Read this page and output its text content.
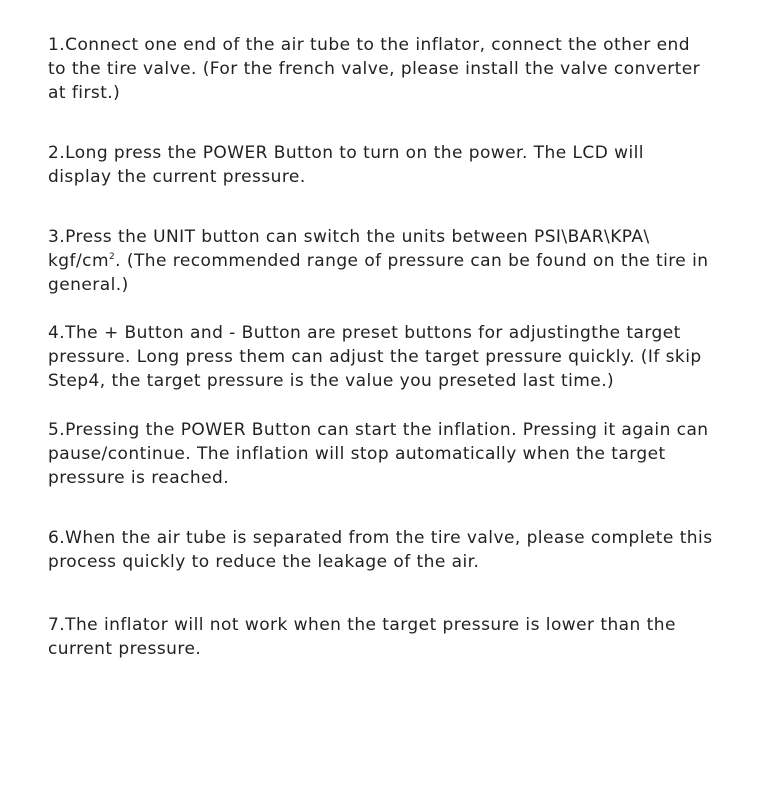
1.Connect one end of the air tube to the inflator, connect the other end
to the tire valve. (For the french valve, please install the valve converter
at first.)

2.Long press the POWER Button to turn on the power. The LCD will
display the current pressure.

3.Press the UNIT button can switch the units between PSI\BAR\KPA\
kgf/$cm^2$. (The recommended range of pressure can be found on the tire in
general.)

4.The + Button and - Button are preset buttons for adjustingthe target
pressure. Long press them can adjust the target pressure quickly. (If skip
Step4, the target pressure is the value you preseted last time.)

5.Pressing the POWER Button can start the inflation. Pressing it again can
pause/continue. The inflation will stop automatically when the target
pressure is reached.

6.When the air tube is separated from the tire valve, please complete this
process quickly to reduce the leakage of the air.

7.The inflator will not work when the target pressure is lower than the
current pressure.
